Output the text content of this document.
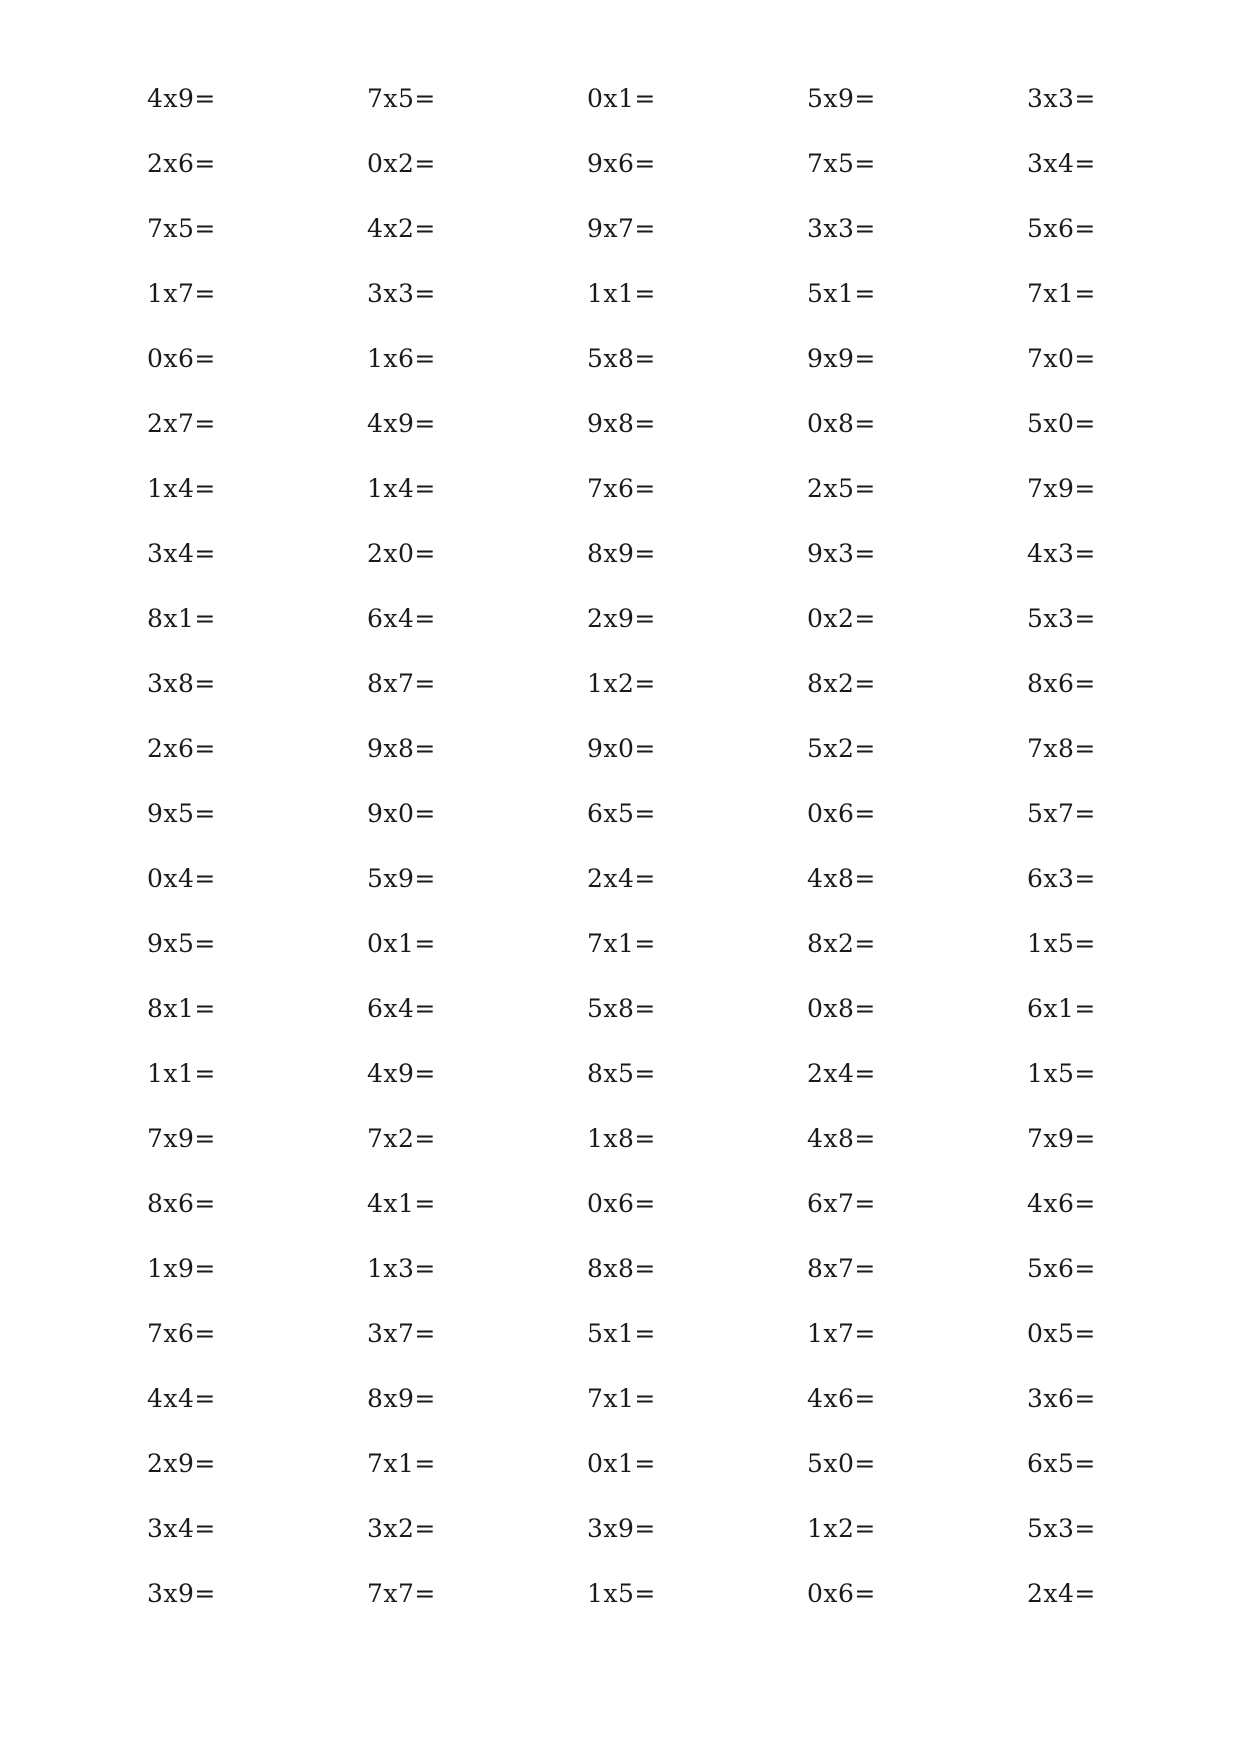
4x9=	7x5=	0x1=	5x9=	3x3=
2x6=	0x2=	9x6=	7x5=	3x4=
7x5=	4x2=	9x7=	3x3=	5x6=
1x7=	3x3=	1x1=	5x1=	7x1=
0x6=	1x6=	5x8=	9x9=	7x0=
2x7=	4x9=	9x8=	0x8=	5x0=
1x4=	1x4=	7x6=	2x5=	7x9=
3x4=	2x0=	8x9=	9x3=	4x3=
8x1=	6x4=	2x9=	0x2=	5x3=
3x8=	8x7=	1x2=	8x2=	8x6=
2x6=	9x8=	9x0=	5x2=	7x8=
9x5=	9x0=	6x5=	0x6=	5x7=
0x4=	5x9=	2x4=	4x8=	6x3=
9x5=	0x1=	7x1=	8x2=	1x5=
8x1=	6x4=	5x8=	0x8=	6x1=
1x1=	4x9=	8x5=	2x4=	1x5=
7x9=	7x2=	1x8=	4x8=	7x9=
8x6=	4x1=	0x6=	6x7=	4x6=
1x9=	1x3=	8x8=	8x7=	5x6=
7x6=	3x7=	5x1=	1x7=	0x5=
4x4=	8x9=	7x1=	4x6=	3x6=
2x9=	7x1=	0x1=	5x0=	6x5=
3x4=	3x2=	3x9=	1x2=	5x3=
3x9=	7x7=	1x5=	0x6=	2x4=
